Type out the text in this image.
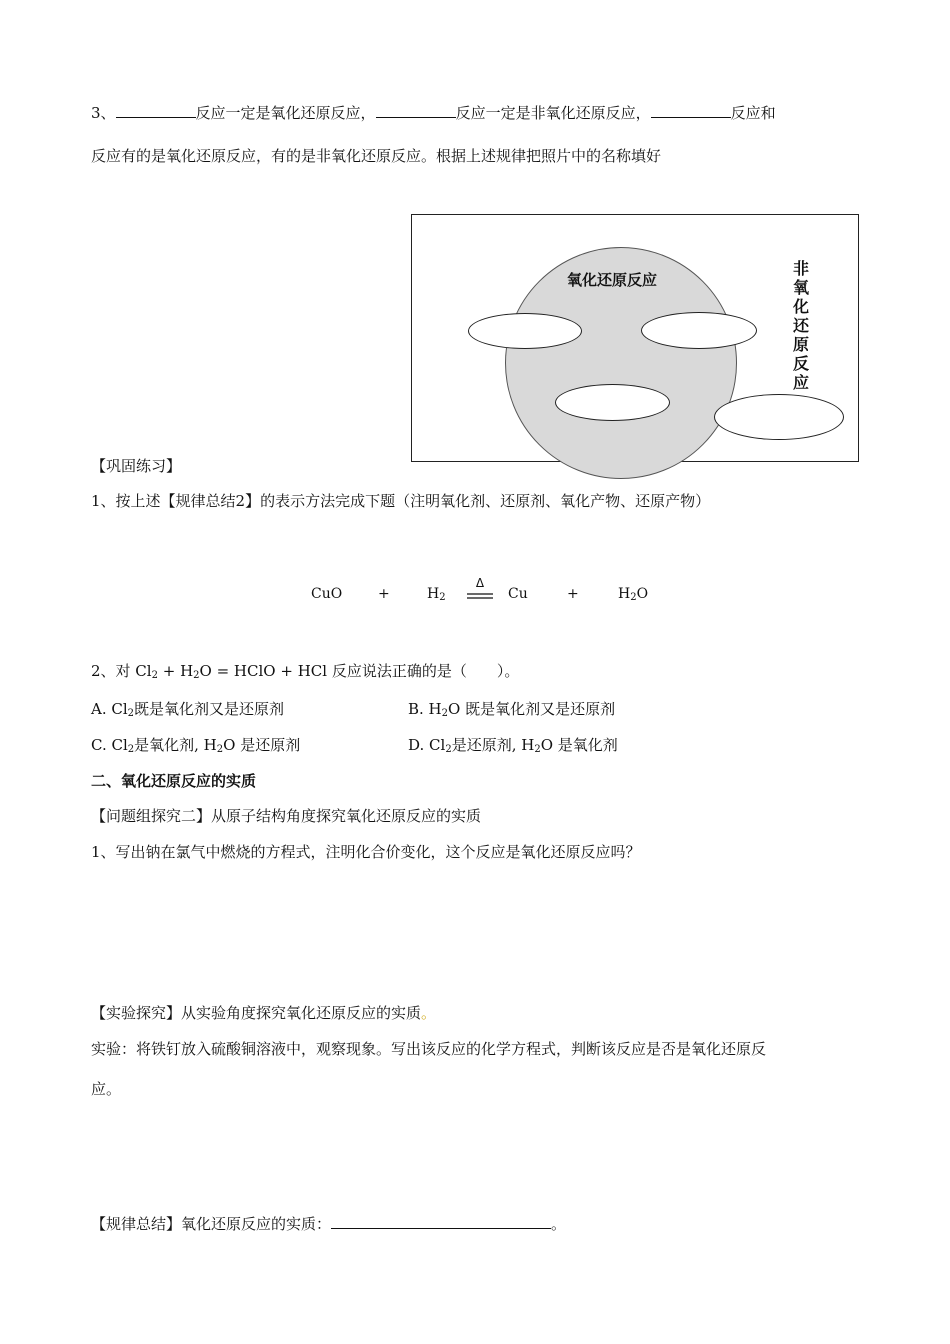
3、	反应一定是氧化还原反应，	反应一定是非氧化还原反应，	反应和
反应有的是氧化还原反应，有的是非氧化还原反应。根据上述规律把照片中的名称填好
氧化还原反应
非氧化还原反应
【巩固练习】
1、按上述【规律总结2】的表示方法完成下题（注明氧化剂、还原剂、氧化产物、还原产物）
CuO	+	$H_2$
Δ
Cu	+	$H_2O$
2、对 $Cl_2 + H_2O$ = HClO + HCl 反应说法正确的是（　　）。
A. $Cl_2$既是氧化剂又是还原剂	B. $H_2O$ 既是氧化剂又是还原剂
C. $Cl_2$是氧化剂, $H_2O$ 是还原剂	D. $Cl_2$是还原剂, $H_2O$ 是氧化剂
二、氧化还原反应的实质
【问题组探究二】从原子结构角度探究氧化还原反应的实质
1、写出钠在氯气中燃烧的方程式，注明化合价变化，这个反应是氧化还原反应吗？
【实验探究】从实验角度探究氧化还原反应的实质。
实验：将铁钉放入硫酸铜溶液中，观察现象。写出该反应的化学方程式，判断该反应是否是氧化还原反
应。
【规律总结】氧化还原反应的实质：	。
